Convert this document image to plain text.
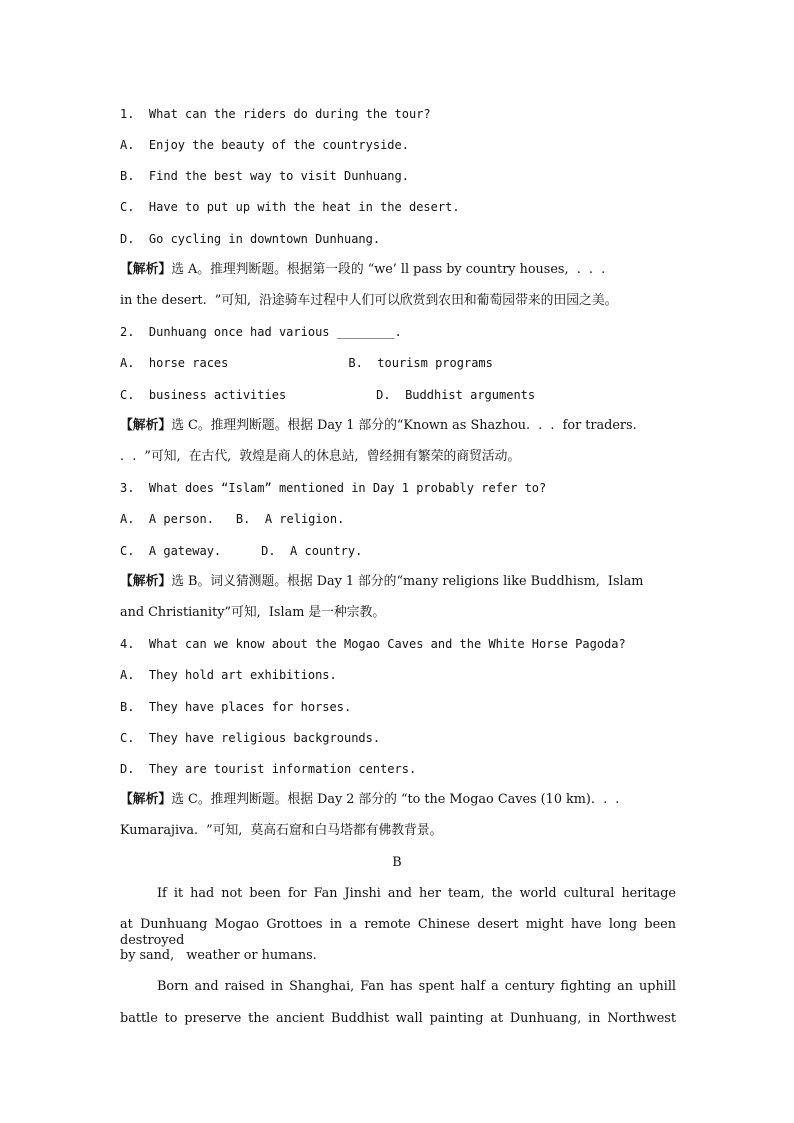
1.  What can the riders do during the tour?
A.  Enjoy the beauty of the countryside.
B.  Find the best way to visit Dunhuang.
C.  Have to put up with the heat in the desert.
D.  Go cycling in downtown Dunhuang.
【解析】选 A。推理判断题。根据第一段的 “we’ ll pass by country houses,  .  .  .
in the desert.  ”可知,  沿途骑车过程中人们可以欣赏到农田和葡萄园带来的田园之美。
2.  Dunhuang once had various ________.
A.  horse races	B.  tourism programs
C.  business activities	D.  Buddhist arguments
【解析】选 C。推理判断题。根据 Day 1 部分的“Known as Shazhou.  .  .  for traders.
.  .  ”可知,  在古代,  敦煌是商人的休息站,  曾经拥有繁荣的商贸活动。
3.  What does “Islam” mentioned in Day 1 probably refer to?
A.  A person. B.  A religion.
C.  A gateway.	D.  A country.
【解析】选 B。词义猜测题。根据 Day 1 部分的“many religions like Buddhism,  Islam
and Christianity”可知,  Islam 是一种宗教。
4.  What can we know about the Mogao Caves and the White Horse Pagoda?
A.  They hold art exhibitions.
B.  They have places for horses.
C.  They have religious backgrounds.
D.  They are tourist information centers.
【解析】选 C。推理判断题。根据 Day 2 部分的 “to the Mogao Caves (10 km).  .  .
Kumarajiva.  ”可知,  莫高石窟和白马塔都有佛教背景。
B
If it had not been for Fan Jinshi and her team, the world cultural heritage
at Dunhuang Mogao Grottoes in a remote Chinese desert might have long been destroyed
by sand,   weather or humans.
Born and raised in Shanghai, Fan has spent half a century fighting an uphill
battle to preserve the ancient Buddhist wall painting at Dunhuang, in Northwest
